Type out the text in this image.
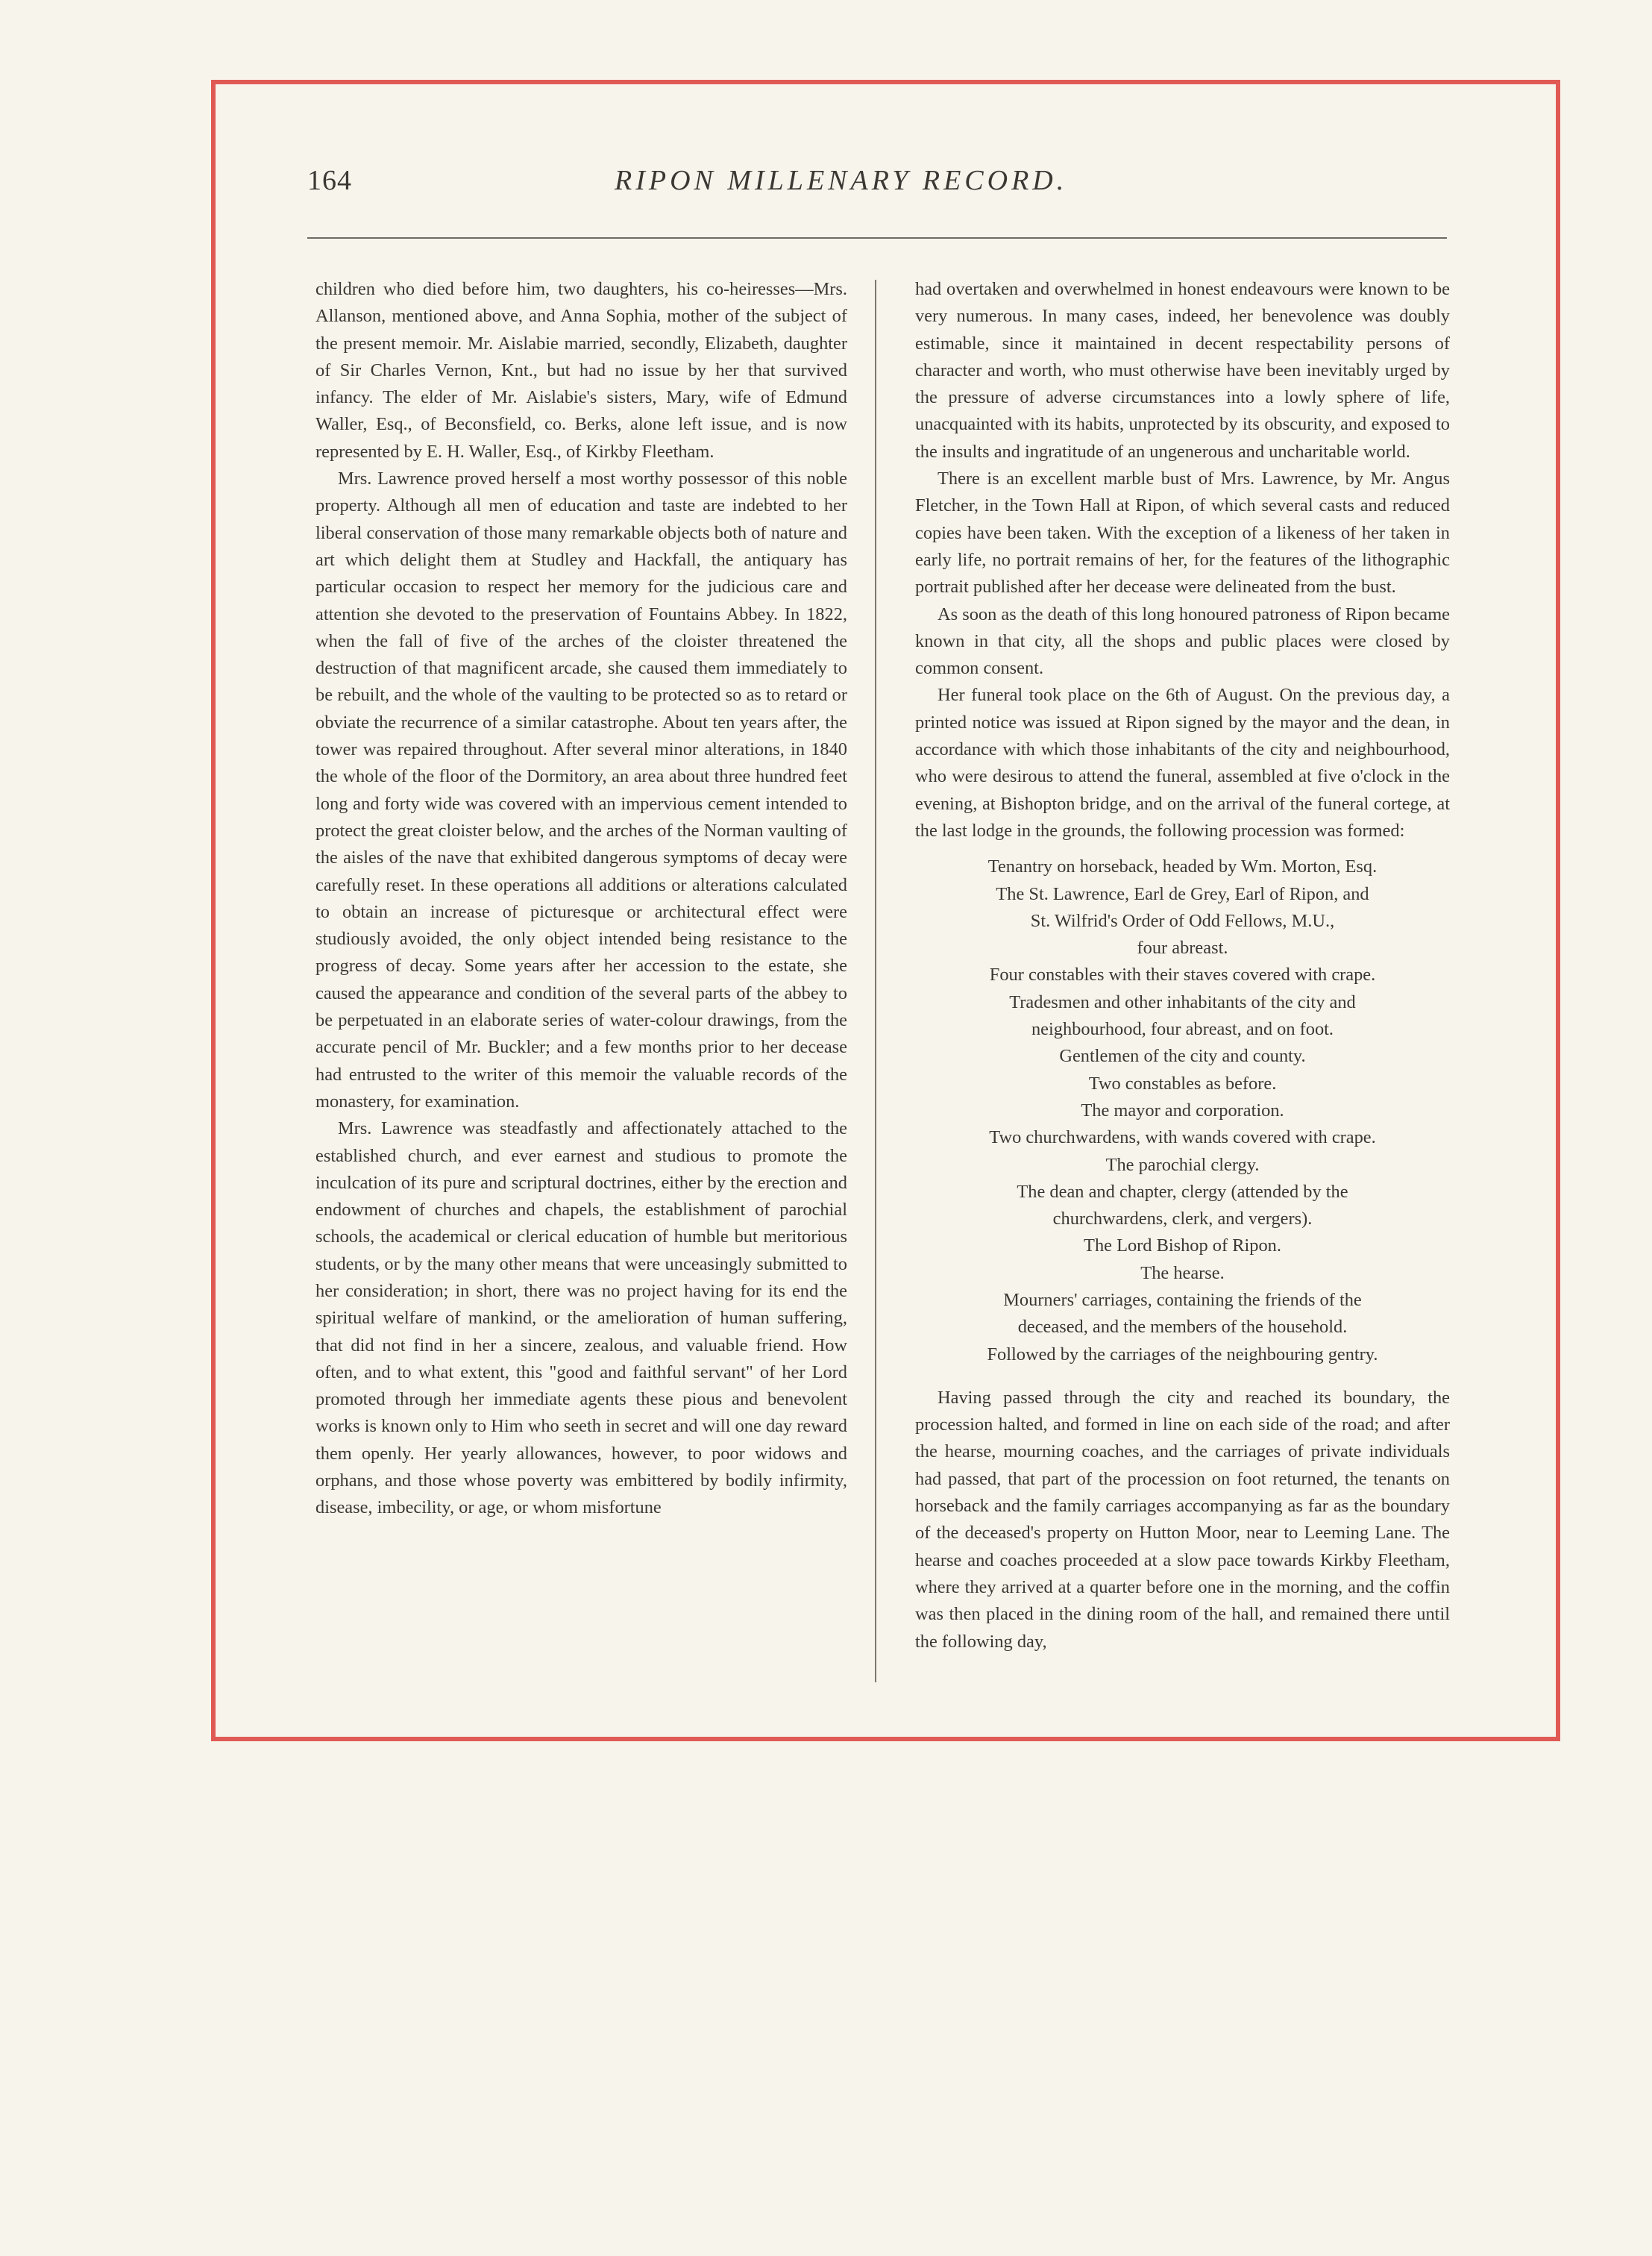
164	RIPON MILLENARY RECORD.

children who died before him, two daughters, his co-heiresses—Mrs. Allanson, mentioned above, and Anna Sophia, mother of the subject of the present memoir. Mr. Aislabie married, secondly, Elizabeth, daughter of Sir Charles Vernon, Knt., but had no issue by her that survived infancy. The elder of Mr. Aislabie's sisters, Mary, wife of Edmund Waller, Esq., of Beconsfield, co. Berks, alone left issue, and is now represented by E. H. Waller, Esq., of Kirkby Fleetham.

Mrs. Lawrence proved herself a most worthy possessor of this noble property. Although all men of education and taste are indebted to her liberal conservation of those many remarkable objects both of nature and art which delight them at Studley and Hackfall, the antiquary has particular occasion to respect her memory for the judicious care and attention she devoted to the preservation of Fountains Abbey. In 1822, when the fall of five of the arches of the cloister threatened the destruction of that magnificent arcade, she caused them immediately to be rebuilt, and the whole of the vaulting to be protected so as to retard or obviate the recurrence of a similar catastrophe. About ten years after, the tower was repaired throughout. After several minor alterations, in 1840 the whole of the floor of the Dormitory, an area about three hundred feet long and forty wide was covered with an impervious cement intended to protect the great cloister below, and the arches of the Norman vaulting of the aisles of the nave that exhibited dangerous symptoms of decay were carefully reset. In these operations all additions or alterations calculated to obtain an increase of picturesque or architectural effect were studiously avoided, the only object intended being resistance to the progress of decay. Some years after her accession to the estate, she caused the appearance and condition of the several parts of the abbey to be perpetuated in an elaborate series of water-colour drawings, from the accurate pencil of Mr. Buckler; and a few months prior to her decease had entrusted to the writer of this memoir the valuable records of the monastery, for examination.

Mrs. Lawrence was steadfastly and affectionately attached to the established church, and ever earnest and studious to promote the inculcation of its pure and scriptural doctrines, either by the erection and endowment of churches and chapels, the establishment of parochial schools, the academical or clerical education of humble but meritorious students, or by the many other means that were unceasingly submitted to her consideration; in short, there was no project having for its end the spiritual welfare of mankind, or the amelioration of human suffering, that did not find in her a sincere, zealous, and valuable friend. How often, and to what extent, this "good and faithful servant" of her Lord promoted through her immediate agents these pious and benevolent works is known only to Him who seeth in secret and will one day reward them openly. Her yearly allowances, however, to poor widows and orphans, and those whose poverty was embittered by bodily infirmity, disease, imbecility, or age, or whom misfortune

had overtaken and overwhelmed in honest endeavours were known to be very numerous. In many cases, indeed, her benevolence was doubly estimable, since it maintained in decent respectability persons of character and worth, who must otherwise have been inevitably urged by the pressure of adverse circumstances into a lowly sphere of life, unacquainted with its habits, unprotected by its obscurity, and exposed to the insults and ingratitude of an ungenerous and uncharitable world.

There is an excellent marble bust of Mrs. Lawrence, by Mr. Angus Fletcher, in the Town Hall at Ripon, of which several casts and reduced copies have been taken. With the exception of a likeness of her taken in early life, no portrait remains of her, for the features of the lithographic portrait published after her decease were delineated from the bust.

As soon as the death of this long honoured patroness of Ripon became known in that city, all the shops and public places were closed by common consent.

Her funeral took place on the 6th of August. On the previous day, a printed notice was issued at Ripon signed by the mayor and the dean, in accordance with which those inhabitants of the city and neighbourhood, who were desirous to attend the funeral, assembled at five o'clock in the evening, at Bishopton bridge, and on the arrival of the funeral cortege, at the last lodge in the grounds, the following procession was formed:

Tenantry on horseback, headed by Wm. Morton, Esq.
The St. Lawrence, Earl de Grey, Earl of Ripon, and
St. Wilfrid's Order of Odd Fellows, M.U.,
four abreast.
Four constables with their staves covered with crape.
Tradesmen and other inhabitants of the city and
neighbourhood, four abreast, and on foot.
Gentlemen of the city and county.
Two constables as before.
The mayor and corporation.
Two churchwardens, with wands covered with crape.
The parochial clergy.
The dean and chapter, clergy (attended by the
churchwardens, clerk, and vergers).
The Lord Bishop of Ripon.
The hearse.
Mourners' carriages, containing the friends of the
deceased, and the members of the household.
Followed by the carriages of the neighbouring gentry.

Having passed through the city and reached its boundary, the procession halted, and formed in line on each side of the road; and after the hearse, mourning coaches, and the carriages of private individuals had passed, that part of the procession on foot returned, the tenants on horseback and the family carriages accompanying as far as the boundary of the deceased's property on Hutton Moor, near to Leeming Lane. The hearse and coaches proceeded at a slow pace towards Kirkby Fleetham, where they arrived at a quarter before one in the morning, and the coffin was then placed in the dining room of the hall, and remained there until the following day,
